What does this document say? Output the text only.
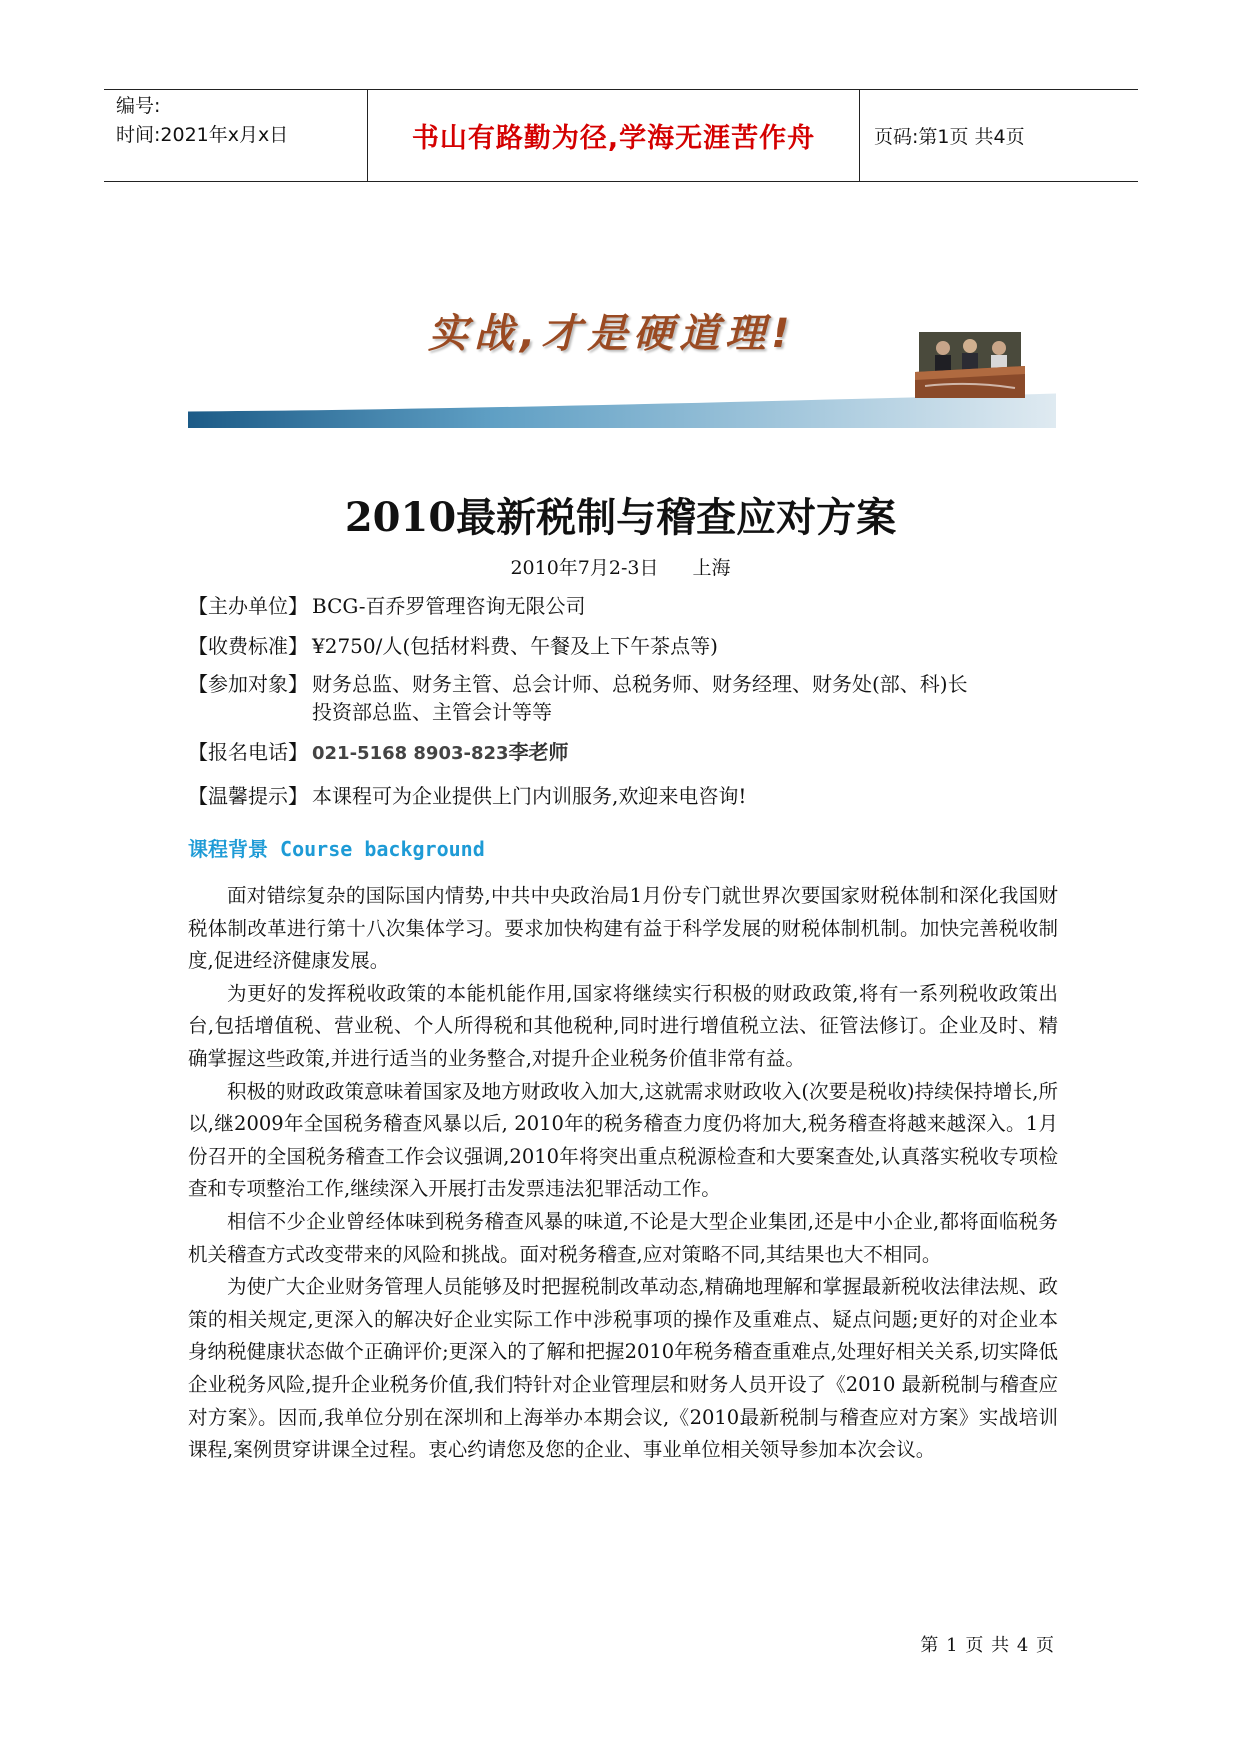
编号:
时间:2021年x月x日	书山有路勤为径,学海无涯苦作舟	页码:第1页 共4页
实战,才是硬道理!
2010最新税制与稽查应对方案
2010年7月2-3日 上海
【主办单位】 BCG-百乔罗管理咨询无限公司
【收费标准】 ¥2750/人(包括材料费、午餐及上下午茶点等)
【参加对象】 财务总监、财务主管、总会计师、总税务师、财务经理、财务处(部、科)长
投资部总监、主管会计等等
【报名电话】 021-5168 8903-823李老师
【温馨提示】 本课程可为企业提供上门内训服务,欢迎来电咨询!
课程背景 Course background

面对错综复杂的国际国内情势,中共中央政治局1月份专门就世界次要国家财税体制和深化我国财税体制改革进行第十八次集体学习。要求加快构建有益于科学发展的财税体制机制。加快完善税收制度,促进经济健康发展。

为更好的发挥税收政策的本能机能作用,国家将继续实行积极的财政政策,将有一系列税收政策出台,包括增值税、营业税、个人所得税和其他税种,同时进行增值税立法、征管法修订。企业及时、精确掌握这些政策,并进行适当的业务整合,对提升企业税务价值非常有益。

积极的财政政策意味着国家及地方财政收入加大,这就需求财政收入(次要是税收)持续保持增长,所以,继2009年全国税务稽查风暴以后, 2010年的税务稽查力度仍将加大,税务稽查将越来越深入。1月份召开的全国税务稽查工作会议强调,2010年将突出重点税源检查和大要案查处,认真落实税收专项检查和专项整治工作,继续深入开展打击发票违法犯罪活动工作。

相信不少企业曾经体味到税务稽查风暴的味道,不论是大型企业集团,还是中小企业,都将面临税务机关稽查方式改变带来的风险和挑战。面对税务稽查,应对策略不同,其结果也大不相同。

为使广大企业财务管理人员能够及时把握税制改革动态,精确地理解和掌握最新税收法律法规、政策的相关规定,更深入的解决好企业实际工作中涉税事项的操作及重难点、疑点问题;更好的对企业本身纳税健康状态做个正确评价;更深入的了解和把握2010年税务稽查重难点,处理好相关关系,切实降低企业税务风险,提升企业税务价值,我们特针对企业管理层和财务人员开设了《2010 最新税制与稽查应对方案》。因而,我单位分别在深圳和上海举办本期会议,《2010最新税制与稽查应对方案》实战培训课程,案例贯穿讲课全过程。衷心约请您及您的企业、事业单位相关领导参加本次会议。

第 1 页 共 4 页
